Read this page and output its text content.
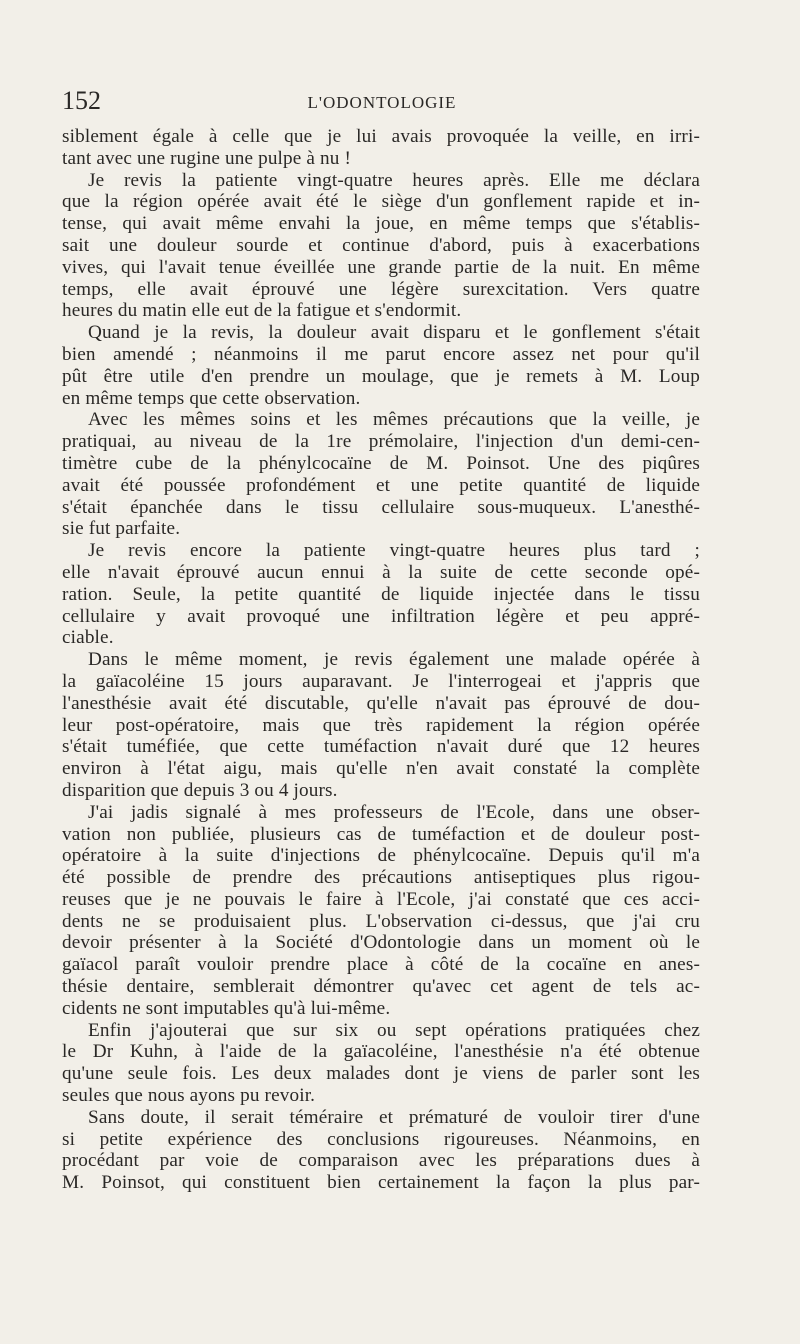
152	L'ODONTOLOGIE
siblement égale à celle que je lui avais provoquée la veille, en irri-
tant avec une rugine une pulpe à nu !
Je revis la patiente vingt-quatre heures après. Elle me déclara
que la région opérée avait été le siège d'un gonflement rapide et in-
tense, qui avait même envahi la joue, en même temps que s'établis-
sait une douleur sourde et continue d'abord, puis à exacerbations
vives, qui l'avait tenue éveillée une grande partie de la nuit. En même
temps, elle avait éprouvé une légère surexcitation. Vers quatre
heures du matin elle eut de la fatigue et s'endormit.
Quand je la revis, la douleur avait disparu et le gonflement s'était
bien amendé ; néanmoins il me parut encore assez net pour qu'il
pût être utile d'en prendre un moulage, que je remets à M. Loup
en même temps que cette observation.
Avec les mêmes soins et les mêmes précautions que la veille, je
pratiquai, au niveau de la 1re prémolaire, l'injection d'un demi-cen-
timètre cube de la phénylcocaïne de M. Poinsot. Une des piqûres
avait été poussée profondément et une petite quantité de liquide
s'était épanchée dans le tissu cellulaire sous-muqueux. L'anesthé-
sie fut parfaite.
Je revis encore la patiente vingt-quatre heures plus tard ;
elle n'avait éprouvé aucun ennui à la suite de cette seconde opé-
ration. Seule, la petite quantité de liquide injectée dans le tissu
cellulaire y avait provoqué une infiltration légère et peu appré-
ciable.
Dans le même moment, je revis également une malade opérée à
la gaïacoléine 15 jours auparavant. Je l'interrogeai et j'appris que
l'anesthésie avait été discutable, qu'elle n'avait pas éprouvé de dou-
leur post-opératoire, mais que très rapidement la région opérée
s'était tuméfiée, que cette tuméfaction n'avait duré que 12 heures
environ à l'état aigu, mais qu'elle n'en avait constaté la complète
disparition que depuis 3 ou 4 jours.
J'ai jadis signalé à mes professeurs de l'Ecole, dans une obser-
vation non publiée, plusieurs cas de tuméfaction et de douleur post-
opératoire à la suite d'injections de phénylcocaïne. Depuis qu'il m'a
été possible de prendre des précautions antiseptiques plus rigou-
reuses que je ne pouvais le faire à l'Ecole, j'ai constaté que ces acci-
dents ne se produisaient plus. L'observation ci-dessus, que j'ai cru
devoir présenter à la Société d'Odontologie dans un moment où le
gaïacol paraît vouloir prendre place à côté de la cocaïne en anes-
thésie dentaire, semblerait démontrer qu'avec cet agent de tels ac-
cidents ne sont imputables qu'à lui-même.
Enfin j'ajouterai que sur six ou sept opérations pratiquées chez
le Dr Kuhn, à l'aide de la gaïacoléine, l'anesthésie n'a été obtenue
qu'une seule fois. Les deux malades dont je viens de parler sont les
seules que nous ayons pu revoir.
Sans doute, il serait téméraire et prématuré de vouloir tirer d'une
si petite expérience des conclusions rigoureuses. Néanmoins, en
procédant par voie de comparaison avec les préparations dues à
M. Poinsot, qui constituent bien certainement la façon la plus par-
